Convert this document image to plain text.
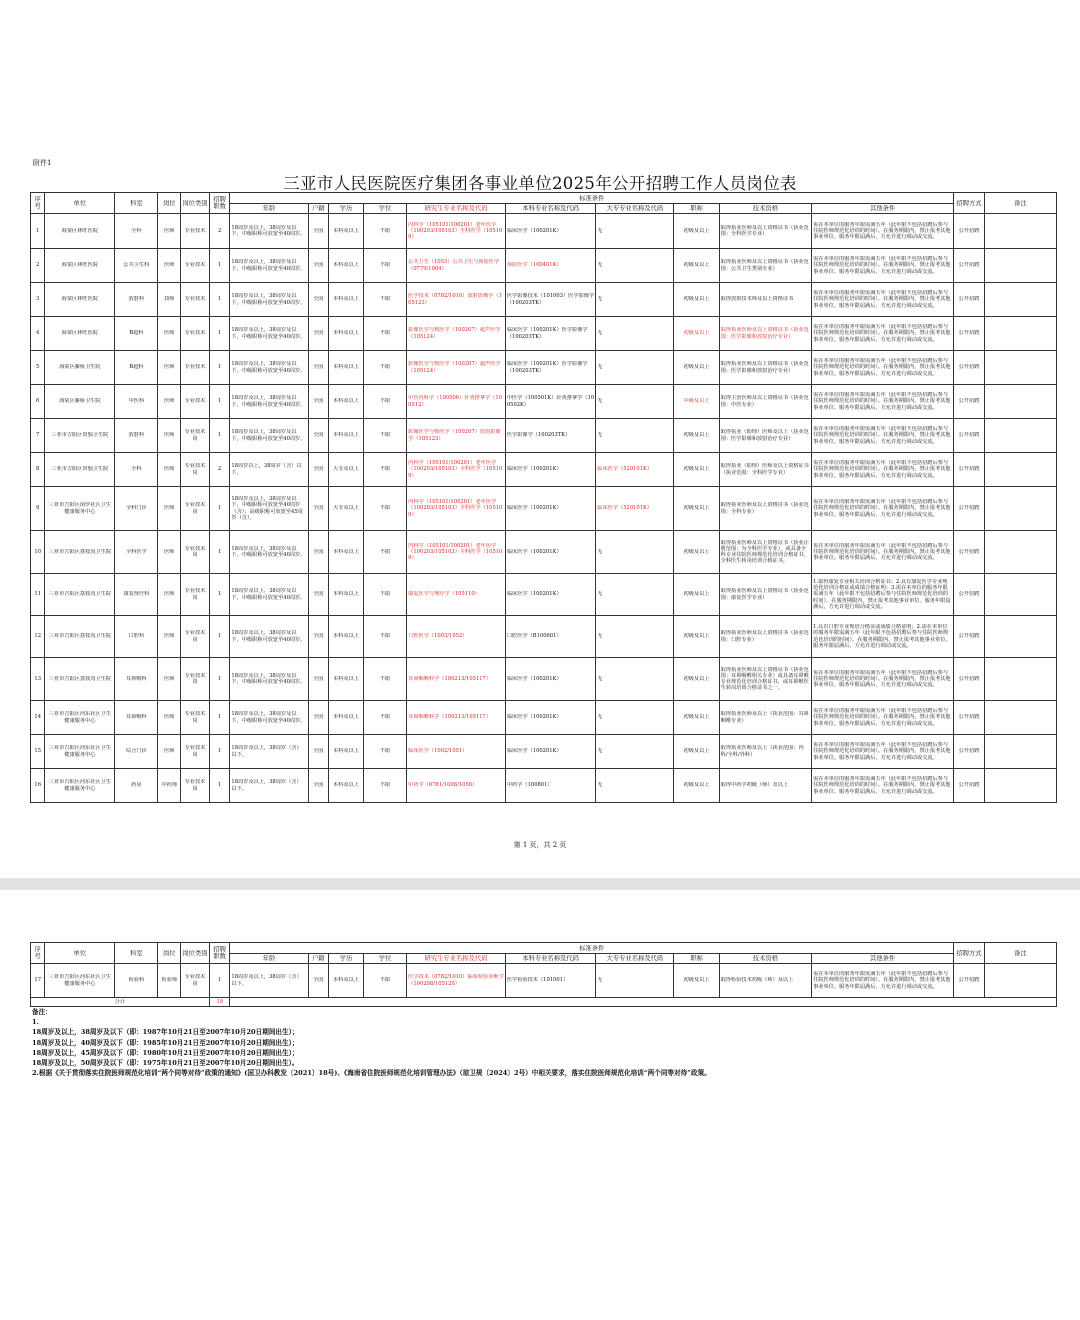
附件1
三亚市人民医院医疗集团各事业单位2025年公开招聘工作人员岗位表
序号	单位	科室	岗位	岗位类别	招聘职数	标准条件										招聘方式	备注

						年龄	户籍	学历	学位	研究生专业名称及代码	本科专业名称及代码	大专专业名称及代码	职称	技术资格	其他条件		

1	海棠区林旺医院	全科	医师	专业技术	2	18周岁及以上，38周岁及以下，中级职称可放宽至40周岁。	全国	本科及以上	不限	内科学（105101/100201）老年医学（100203/105103）全科医学（105109）	临床医学（100201K）	无	初级及以上	取得执业医师及以上资格证书（执业范围：全科医学专业）	需在本单位的服务年限需满五年（此年限不包括招聘后参与住院医师规范化培训的时间）。在服务期限内，禁止报考其他事业单位。服务年限届满后，方允许进行调动或交流。	公开招聘	

2	海棠区林旺医院	公共卫生科	医师	专业技术	1	18周岁及以上，38周岁及以下，中级职称可放宽至40周岁。	全国	本科及以上	不限	公共卫生（1053）公共卫生与预防医学（0779/1004）	预防医学（100401K）	无	初级及以上	取得执业医师及以上资格证书（执业范围：公共卫生类别专业）	需在本单位的服务年限需满五年（此年限不包括招聘后参与住院医师规范化培训的时间）。在服务期限内，禁止报考其他事业单位。服务年限届满后，方允许进行调动或交流。	公开招聘	

3	海棠区林旺医院	放射科	技师	专业技术	1	18周岁及以上，38周岁及以下，中级职称可放宽至40周岁。	全国	本科及以上	不限	医学技术（0782/1010）放射影像学（105123）	医学影像技术（101003）医学影像学（100203TK）	无	初级及以上	取得放射技术师及以上资格证书	需在本单位的服务年限需满五年（此年限不包括招聘后参与住院医师规范化培训的时间）。在服务期限内，禁止报考其他事业单位。服务年限届满后，方允许进行调动或交流。	公开招聘	

4	海棠区林旺医院	B超科	医师	专业技术	1	18周岁及以上，38周岁及以下，中级职称可放宽至40周岁。	全国	本科及以上	不限	影像医学与核医学（100207）超声医学（105124）	临床医学（100201K）医学影像学（100203TK）	无	初级及以上	取得执业医师及以上资格证书（执业范围：医学影像和放射治疗专业）	需在本单位的服务年限需满五年（此年限不包括招聘后参与住院医师规范化培训的时间）。在服务期限内，禁止报考其他事业单位。服务年限届满后，方允许进行调动或交流。	公开招聘	

5	海棠区藤桥卫生院	B超科	医师	专业技术	1	18周岁及以上，38周岁及以下，中级职称可放宽至40周岁。	全国	本科及以上	不限	影像医学与核医学（100207）超声医学（105124）	临床医学（100201K）医学影像学（100203TK）	无	初级及以上	取得执业医师及以上资格证书（执业范围：医学影像和放射治疗专业）	需在本单位的服务年限需满五年（此年限不包括招聘后参与住院医师规范化培训的时间）。在服务期限内，禁止报考其他事业单位。服务年限届满后，方允许进行调动或交流。	公开招聘	

6	海棠区藤桥卫生院	中医科	医师	专业技术	1	18周岁及以上，38周岁及以下，中级职称可放宽至40周岁。	全国	本科及以上	不限	中医内科学（100506）针灸推拿学（100512）	中医学（100501K）针灸推拿学（100502K）	无	中级及以上	取得主治医师及以上资格证书（执业范围：中医专业）	需在本单位的服务年限需满五年（此年限不包括招聘后参与住院医师规范化培训的时间）。在服务期限内，禁止报考其他事业单位。服务年限届满后，方允许进行调动或交流。	公开招聘	

7	三亚市吉阳区田独卫生院	放射科	医师	专业技术岗	1	18周岁及以上，38周岁及以下，中级职称可放宽至40周岁。	全国	本科及以上	不限	影像医学与核医学（100207）放射影像学（105123）	医学影像学（100203TK）	无	初级及以上	取得执业（助理）医师及以上（执业范围：医学影像和放射治疗专业）	需在本单位的服务年限需满五年（此年限不包括招聘后参与住院医师规范化培训的时间）。在服务期限内，禁止报考其他事业单位。服务年限届满后，方允许进行调动或交流。	公开招聘	

8	三亚市吉阳区田独卫生院	全科	医师	专业技术岗	2	18周岁以上，38周岁（含）以下。	全国	大专及以上	不限	内科学（105101/100201）老年医学（100203/105103）全科医学（105109）	临床医学（100201K）	临床医学（520101K）	初级及以上	取得执业（助理）医师及以上资格证书（执业范围：全科医学专业）	需在本单位的服务年限需满五年（此年限不包括招聘后参与住院医师规范化培训的时间）。在服务期限内，禁止报考其他事业单位。服务年限届满后，方允许进行调动或交流。	公开招聘	

9	三亚市吉阳区南罗社区卫生健康服务中心	全科门诊	医师	专业技术岗	1	18周岁及以上，38周岁及以下，中级职称可放宽至40周岁（含）；高级职称可放宽至45周岁（含）。	全国	大专及以上	不限	内科学（105101/100201）老年医学（100203/105103）全科医学（105109）	临床医学（100201K）	临床医学（520101K）	初级及以上	取得执业医师及以上资格证书（执业范围：全科专业）	需在本单位的服务年限需满五年（此年限不包括招聘后参与住院医师规范化培训的时间）。在服务期限内，禁止报考其他事业单位。服务年限届满后，方允许进行调动或交流。	公开招聘	

10	三亚市吉阳区荔枝沟卫生院	全科医学	医师	专业技术岗	1	18周岁及以上，38周岁及以下，中级职称可放宽至40周岁。	全国	本科及以上	不限	内科学（105101/100201）老年医学（100203/105103）全科医学（105109）	临床医学（100201K）	无	初级及以上	取得执业医师及以上资格证书（执业注册范围：为全科医学专业），或具备全科专业住院医师规范化培训合格证书，全科医生转岗培训合格证书。	需在本单位的服务年限需满五年（此年限不包括招聘后参与住院医师规范化培训的时间）。在服务期限内，禁止报考其他事业单位。服务年限届满后，方允许进行调动或交流。	公开招聘	

11	三亚市吉阳区荔枝沟卫生院	康复理疗科	医师	专业技术岗	1	18周岁及以上，38周岁及以下，中级职称可放宽至40周岁。	全国	本科及以上	不限	康复医学与理疗学（105110）	临床医学（100201K）	无	初级及以上	取得执业医师及以上资格证书（执业范围：康复医学专业）	1.取得康复专业相关培训合格证书；2.具有康复医学专业规范化培训合格证或成绩合格证明；3.需在本单位的服务年限需满五年（此年限不包括招聘后参与住院医师规范化培训的时间）。在服务期限内，禁止报考其他事业单位。服务年限届满后，方允许进行调动或交流。	公开招聘	

12	三亚市吉阳区荔枝沟卫生院	口腔科	医师	专业技术岗	1	18周岁及以上，38周岁及以下，中级职称可放宽至40周岁。	全国	本科及以上	不限	口腔医学（1003/1052）	口腔医学（B100601）	无	初级及以上	取得执业医师及以上资格证书（执业范围：口腔专业）	1.具有口腔专业规培合格证或成绩合格证明；2.需在本单位的服务年限需满五年（此年限不包括招聘后参与住院医师规范化培训的时间）。在服务期限内，禁止报考其他事业单位。服务年限届满后，方允许进行调动或交流。	公开招聘	

13	三亚市吉阳区荔枝沟卫生院	耳鼻喉科	医师	专业技术岗	1	18周岁及以上，38周岁及以下，中级职称可放宽至40周岁。	全国	本科及以上	不限	耳鼻咽喉科学（100213/105117）	临床医学（100201K）	无	初级及以上	取得执业医师及以上资格证书（执业范围：耳鼻咽喉相关专业）或具备耳鼻喉专业规范化培训合格证书，或耳鼻喉医生转岗培训合格证书之一。	需在本单位的服务年限需满五年（此年限不包括招聘后参与住院医师规范化培训的时间）。在服务期限内，禁止报考其他事业单位。服务年限届满后，方允许进行调动或交流。	公开招聘	

14	三亚市吉阳区河东社区卫生健康服务中心	耳鼻喉科	医师	专业技术岗	1	18周岁及以上，38周岁及以下，中级职称可放宽至40周岁。	全国	本科及以上	不限	耳鼻咽喉科学（100213/105117）	临床医学（100201K）	无	初级及以上	取得执业医师及以上（执业范围：耳鼻咽喉专业）	需在本单位的服务年限需满五年（此年限不包括招聘后参与住院医师规范化培训的时间）。在服务期限内，禁止报考其他事业单位。服务年限届满后，方允许进行调动或交流。	公开招聘	

15	三亚市吉阳区河东社区卫生健康服务中心	综合门诊	医师	专业技术岗	1	18周岁及以上，38周岁（含）以下。	全国	本科及以上	不限	临床医学（1002/1051）	临床医学（100201K）	无	初级及以上	取得执业医师及以上（执业范围：内科/全科/外科）	需在本单位的服务年限需满五年（此年限不包括招聘后参与住院医师规范化培训的时间）。在服务期限内，禁止报考其他事业单位。服务年限届满后，方允许进行调动或交流。	公开招聘	

16	三亚市吉阳区河东社区卫生健康服务中心	药房	中药师	专业技术岗	1	18周岁及以上，38周岁（含）以下。	全国	本科及以上	不限	中药学（0781/1008/1056）	中药学（100801）	无	初级及以上	取得中药学初级（师）及以上	需在本单位的服务年限需满五年（此年限不包括招聘后参与住院医师规范化培训的时间）。在服务期限内，禁止报考其他事业单位。服务年限届满后，方允许进行调动或交流。	公开招聘	

第 1 页，共 2 页
序号	单位	科室	岗位	岗位类别	招聘职数	标准条件										招聘方式	备注

						年龄	户籍	学历	学位	研究生专业名称及代码	本科专业名称及代码	大专专业名称及代码	职称	技术资格	其他条件		

17	三亚市吉阳区河东社区卫生健康服务中心	检验科	检验师	专业技术岗	1	18周岁及以上，38周岁（含）以下。	全国	本科及以上	不限	医学技术（0782/1010）临床检验诊断学（100208/105120）	医学检验技术（101001）	无	初级及以上	取得检验技术初级（师）及以上	需在本单位的服务年限需满五年（此年限不包括招聘后参与住院医师规范化培训的时间）。在服务期限内，禁止报考其他事业单位。服务年限届满后，方允许进行调动或交流。	公开招聘	

合计					19												

备注：
1.
18周岁及以上，38周岁及以下（即：1987年10月21日至2007年10月20日期间出生）；
18周岁及以上，40周岁及以下（即：1985年10月21日至2007年10月20日期间出生）；
18周岁及以上，45周岁及以下（即：1980年10月21日至2007年10月20日期间出生）；
18周岁及以上，50周岁及以下（即：1975年10月21日至2007年10月20日期间出生）。
2.根据《关于贯彻落实住院医师规范化培训“两个同等对待”政策的通知》(国卫办科教发〔2021〕18号)、《海南省住院医师规范化培训管理办法》（琼卫规〔2024〕2号）中相关要求，落实住院医师规范化培训“两个同等对待”政策。
